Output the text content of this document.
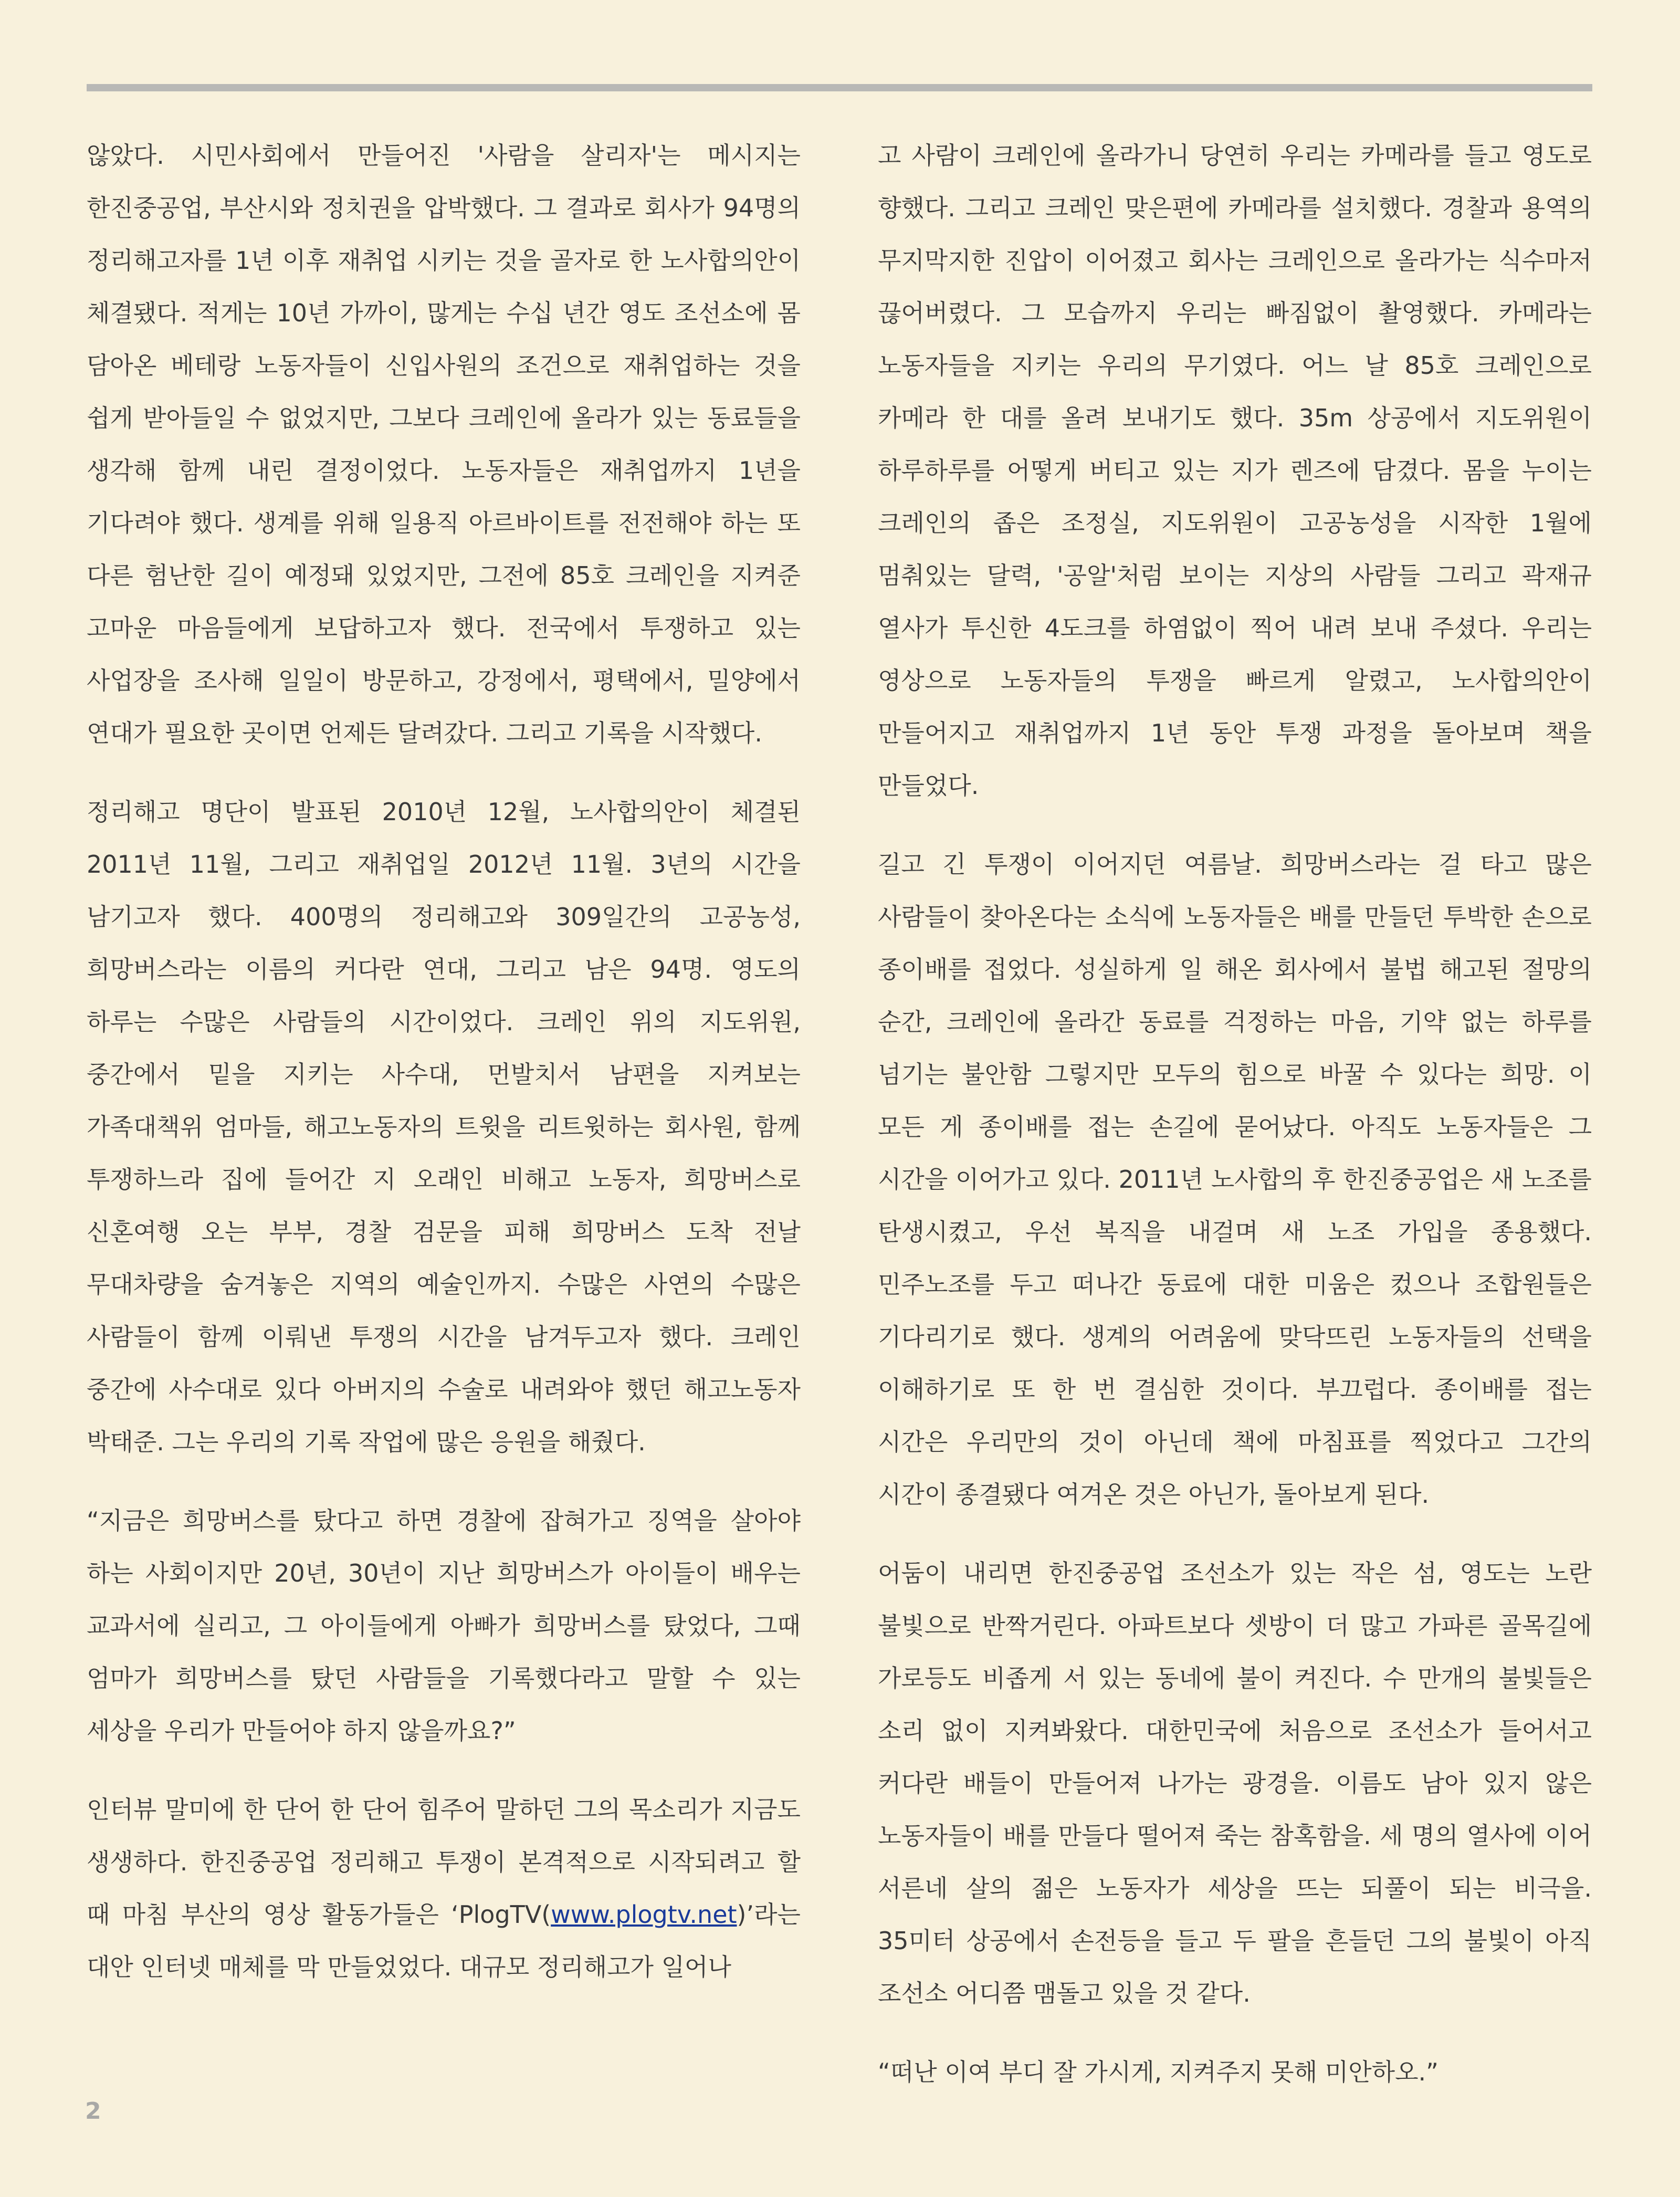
않았다. 시민사회에서 만들어진 '사람을 살리자'는 메시지는 한진중공업, 부산시와 정치권을 압박했다. 그 결과로 회사가 94명의 정리해고자를 1년 이후 재취업 시키는 것을 골자로 한 노사합의안이 체결됐다. 적게는 10년 가까이, 많게는 수십 년간 영도 조선소에 몸 담아온 베테랑 노동자들이 신입사원의 조건으로 재취업하는 것을 쉽게 받아들일 수 없었지만, 그보다 크레인에 올라가 있는 동료들을 생각해 함께 내린 결정이었다. 노동자들은 재취업까지 1년을 기다려야 했다. 생계를 위해 일용직 아르바이트를 전전해야 하는 또 다른 험난한 길이 예정돼 있었지만, 그전에 85호 크레인을 지켜준 고마운 마음들에게 보답하고자 했다. 전국에서 투쟁하고 있는 사업장을 조사해 일일이 방문하고, 강정에서, 평택에서, 밀양에서 연대가 필요한 곳이면 언제든 달려갔다. 그리고 기록을 시작했다.

정리해고 명단이 발표된 2010년 12월, 노사합의안이 체결된 2011년 11월, 그리고 재취업일 2012년 11월. 3년의 시간을 남기고자 했다. 400명의 정리해고와 309일간의 고공농성, 희망버스라는 이름의 커다란 연대, 그리고 남은 94명. 영도의 하루는 수많은 사람들의 시간이었다. 크레인 위의 지도위원, 중간에서 밑을 지키는 사수대, 먼발치서 남편을 지켜보는 가족대책위 엄마들, 해고노동자의 트윗을 리트윗하는 회사원, 함께 투쟁하느라 집에 들어간 지 오래인 비해고 노동자, 희망버스로 신혼여행 오는 부부, 경찰 검문을 피해 희망버스 도착 전날 무대차량을 숨겨놓은 지역의 예술인까지. 수많은 사연의 수많은 사람들이 함께 이뤄낸 투쟁의 시간을 남겨두고자 했다. 크레인 중간에 사수대로 있다 아버지의 수술로 내려와야 했던 해고노동자 박태준. 그는 우리의 기록 작업에 많은 응원을 해줬다.

“지금은 희망버스를 탔다고 하면 경찰에 잡혀가고 징역을 살아야 하는 사회이지만 20년, 30년이 지난 희망버스가 아이들이 배우는 교과서에 실리고, 그 아이들에게 아빠가 희망버스를 탔었다, 그때 엄마가 희망버스를 탔던 사람들을 기록했다라고 말할 수 있는 세상을 우리가 만들어야 하지 않을까요?”

인터뷰 말미에 한 단어 한 단어 힘주어 말하던 그의 목소리가 지금도 생생하다. 한진중공업 정리해고 투쟁이 본격적으로 시작되려고 할 때 마침 부산의 영상 활동가들은 ‘PlogTV(www.plogtv.net)’라는 대안 인터넷 매체를 막 만들었었다. 대규모 정리해고가 일어나

고 사람이 크레인에 올라가니 당연히 우리는 카메라를 들고 영도로 향했다. 그리고 크레인 맞은편에 카메라를 설치했다. 경찰과 용역의 무지막지한 진압이 이어졌고 회사는 크레인으로 올라가는 식수마저 끊어버렸다. 그 모습까지 우리는 빠짐없이 촬영했다. 카메라는 노동자들을 지키는 우리의 무기였다. 어느 날 85호 크레인으로 카메라 한 대를 올려 보내기도 했다. 35m 상공에서 지도위원이 하루하루를 어떻게 버티고 있는 지가 렌즈에 담겼다. 몸을 누이는 크레인의 좁은 조정실, 지도위원이 고공농성을 시작한 1월에 멈춰있는 달력, '공알'처럼 보이는 지상의 사람들 그리고 곽재규 열사가 투신한 4도크를 하염없이 찍어 내려 보내 주셨다. 우리는 영상으로 노동자들의 투쟁을 빠르게 알렸고, 노사합의안이 만들어지고 재취업까지 1년 동안 투쟁 과정을 돌아보며 책을 만들었다.

길고 긴 투쟁이 이어지던 여름날. 희망버스라는 걸 타고 많은 사람들이 찾아온다는 소식에 노동자들은 배를 만들던 투박한 손으로 종이배를 접었다. 성실하게 일 해온 회사에서 불법 해고된 절망의 순간, 크레인에 올라간 동료를 걱정하는 마음, 기약 없는 하루를 넘기는 불안함 그렇지만 모두의 힘으로 바꿀 수 있다는 희망. 이 모든 게 종이배를 접는 손길에 묻어났다. 아직도 노동자들은 그 시간을 이어가고 있다. 2011년 노사합의 후 한진중공업은 새 노조를 탄생시켰고, 우선 복직을 내걸며 새 노조 가입을 종용했다. 민주노조를 두고 떠나간 동료에 대한 미움은 컸으나 조합원들은 기다리기로 했다. 생계의 어려움에 맞닥뜨린 노동자들의 선택을 이해하기로 또 한 번 결심한 것이다. 부끄럽다. 종이배를 접는 시간은 우리만의 것이 아닌데 책에 마침표를 찍었다고 그간의 시간이 종결됐다 여겨온 것은 아닌가, 돌아보게 된다.

어둠이 내리면 한진중공업 조선소가 있는 작은 섬, 영도는 노란 불빛으로 반짝거린다. 아파트보다 셋방이 더 많고 가파른 골목길에 가로등도 비좁게 서 있는 동네에 불이 켜진다. 수 만개의 불빛들은 소리 없이 지켜봐왔다. 대한민국에 처음으로 조선소가 들어서고 커다란 배들이 만들어져 나가는 광경을. 이름도 남아 있지 않은 노동자들이 배를 만들다 떨어져 죽는 참혹함을. 세 명의 열사에 이어 서른네 살의 젊은 노동자가 세상을 뜨는 되풀이 되는 비극을. 35미터 상공에서 손전등을 들고 두 팔을 흔들던 그의 불빛이 아직 조선소 어디쯤 맴돌고 있을 것 같다.

“떠난 이여 부디 잘 가시게, 지켜주지 못해 미안하오.”

2
